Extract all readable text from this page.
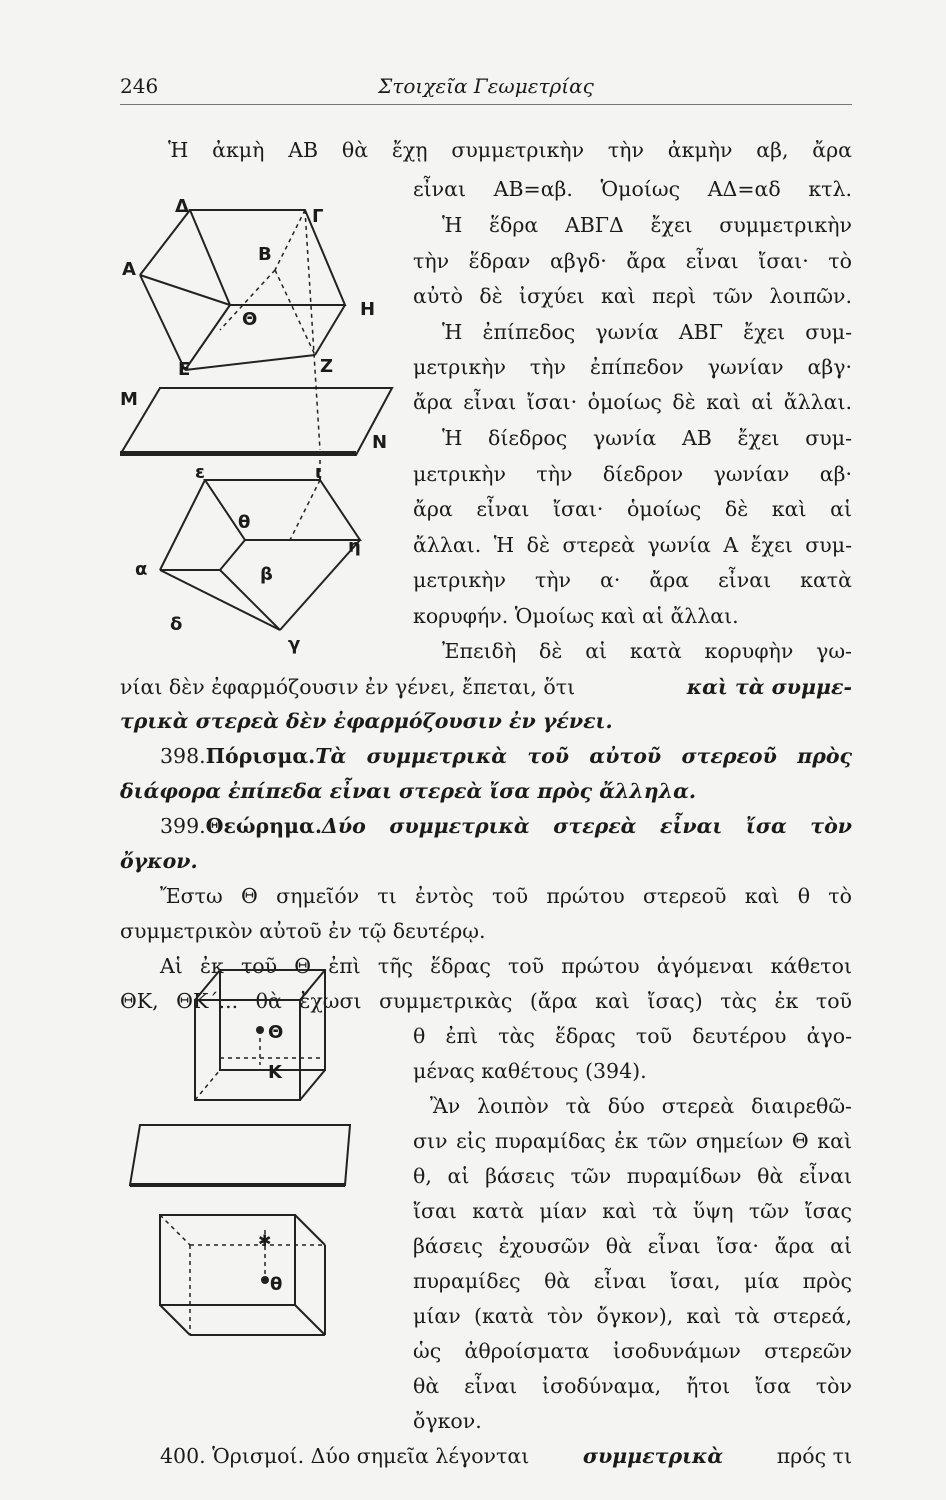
246	Στοιχεῖα Γεωμετρίας
Ἡ ἀκμὴ ΑΒ θὰ ἔχῃ συμμετρικὴν τὴν ἀκμὴν αβ, ἄρα
εἶναι ΑΒ=αβ. Ὁμοίως ΑΔ=αδ κτλ.
Ἡ ἕδρα ΑΒΓΔ ἔχει συμμετρικὴν
τὴν ἕδραν αβγδ· ἄρα εἶναι ἴσαι· τὸ
αὐτὸ δὲ ἰσχύει καὶ περὶ τῶν λοιπῶν.
Ἡ ἐπίπεδος γωνία ΑΒΓ ἔχει συμ-
μετρικὴν τὴν ἐπίπεδον γωνίαν αβγ·
ἄρα εἶναι ἴσαι· ὁμοίως δὲ καὶ αἱ ἄλλαι.
Ἡ δίεδρος γωνία ΑΒ ἔχει συμ-
μετρικὴν τὴν δίεδρον γωνίαν αβ·
ἄρα εἶναι ἴσαι· ὁμοίως δὲ καὶ αἱ
ἄλλαι. Ἡ δὲ στερεὰ γωνία Α ἔχει συμ-
μετρικὴν τὴν α· ἄρα εἶναι κατὰ
κορυφήν. Ὁμοίως καὶ αἱ ἄλλαι.
Ἐπειδὴ δὲ αἱ κατὰ κορυφὴν γω-
νίαι δὲν ἐφαρμόζουσιν ἐν γένει, ἔπεται, ὅτι	καὶ τὰ συμμε-
τρικὰ στερεὰ δὲν ἐφαρμόζουσιν ἐν γένει.
398. Πόρισμα. Τὰ συμμετρικὰ τοῦ αὐτοῦ στερεοῦ πρὸς
διάφορα ἐπίπεδα εἶναι στερεὰ ἴσα πρὸς ἄλληλα.
399. Θεώρημα. Δύο συμμετρικὰ στερεὰ εἶναι ἴσα τὸν
ὄγκον.
Ἔστω Θ σημεῖόν τι ἐντὸς τοῦ πρώτου στερεοῦ καὶ θ τὸ
συμμετρικὸν αὐτοῦ ἐν τῷ δευτέρῳ.
Αἱ ἐκ τοῦ Θ ἐπὶ τῆς ἕδρας τοῦ πρώτου ἀγόμεναι κάθετοι
ΘΚ, ΘΚ΄... θὰ ἔχωσι συμμετρικὰς (ἄρα καὶ ἴσας) τὰς ἐκ τοῦ
θ ἐπὶ τὰς ἕδρας τοῦ δευτέρου ἀγο-
μένας καθέτους (394).
Ἂν λοιπὸν τὰ δύο στερεὰ διαιρεθῶ-
σιν εἰς πυραμίδας ἐκ τῶν σημείων Θ καὶ
θ, αἱ βάσεις τῶν πυραμίδων θὰ εἶναι
ἴσαι κατὰ μίαν καὶ τὰ ὕψη τῶν ἴσας
βάσεις ἐχουσῶν θὰ εἶναι ἴσα· ἄρα αἱ
πυραμίδες θὰ εἶναι ἴσαι, μία πρὸς
μίαν (κατὰ τὸν ὄγκον), καὶ τὰ στερεά,
ὡς ἀθροίσματα ἰσοδυνάμων στερεῶν
θὰ εἶναι ἰσοδύναμα, ἤτοι ἴσα τὸν
ὄγκον.
400. Ὁρισμοί. Δύο σημεῖα λέγονται	συμμετρικὰ	πρός τι
Δ	Γ
Β
Α
Η
Θ
Ε	Ζ
Μ
Ν
ε	ι
θ
η
α	β
δ
γ
Θ
Κ
✱
θ
